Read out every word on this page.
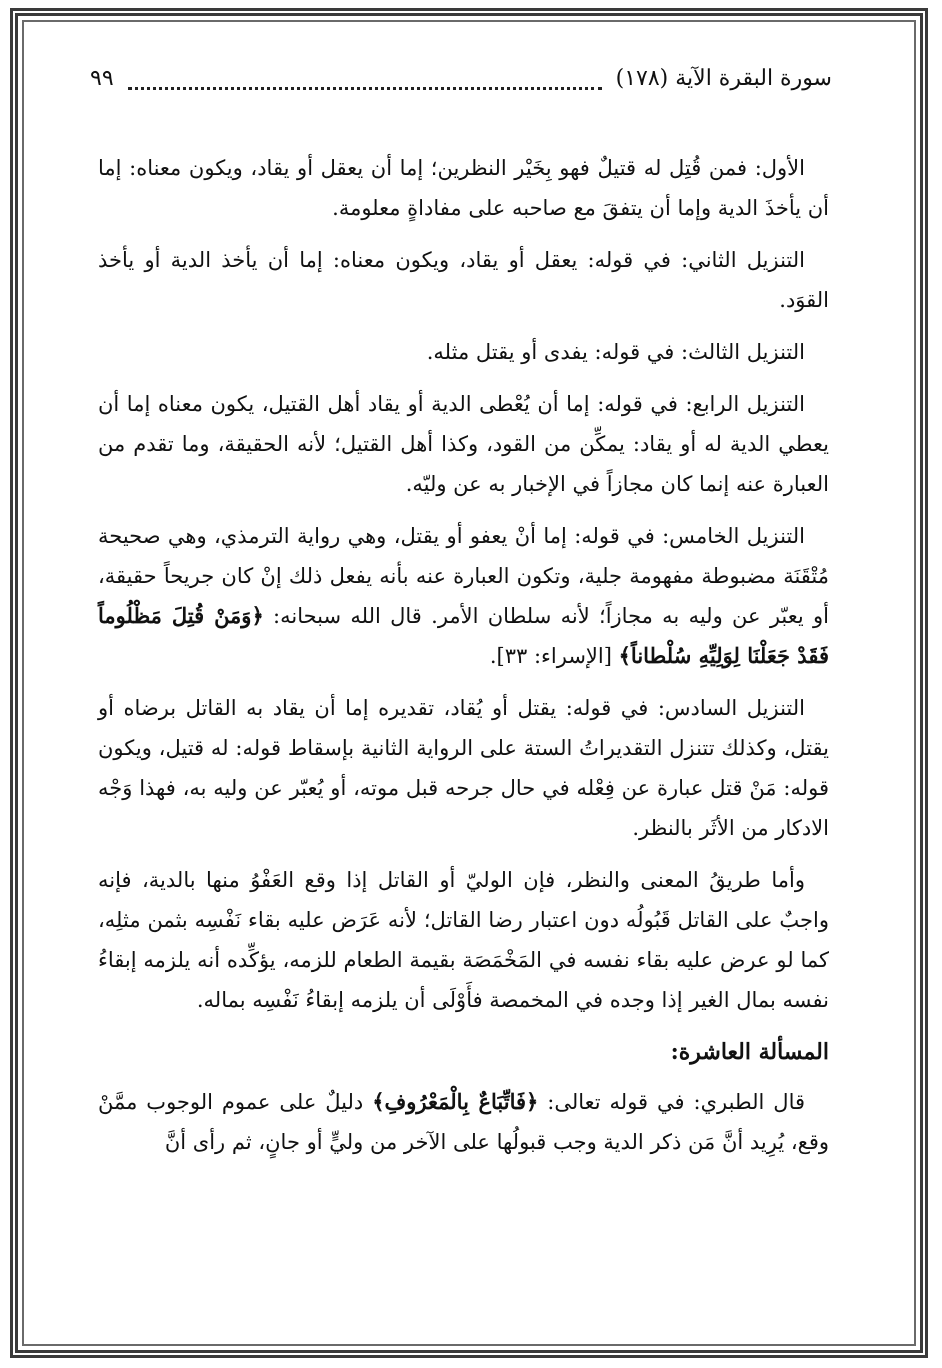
سورة البقرة الآية (١٧٨)
٩٩

الأول: فمن قُتِل له قتيلٌ فهو بِخَيْر النظرين؛ إما أن يعقل أو يقاد، ويكون معناه: إما أن يأخذَ الدية وإما أن يتفقَ مع صاحبه على مفاداةٍ معلومة.

التنزيل الثاني: في قوله: يعقل أو يقاد، ويكون معناه: إما أن يأخذ الدية أو يأخذ القوَد.

التنزيل الثالث: في قوله: يفدى أو يقتل مثله.

التنزيل الرابع: في قوله: إما أن يُعْطى الدية أو يقاد أهل القتيل، يكون معناه إما أن يعطي الدية له أو يقاد: يمكِّن من القود، وكذا أهل القتيل؛ لأنه الحقيقة، وما تقدم من العبارة عنه إنما كان مجازاً في الإخبار به عن وليّه.

التنزيل الخامس: في قوله: إما أنْ يعفو أو يقتل، وهي رواية الترمذي، وهي صحيحة مُتْقَنَة مضبوطة مفهومة جلية، وتكون العبارة عنه بأنه يفعل ذلك إنْ كان جريحاً حقيقة، أو يعبّر عن وليه به مجازاً؛ لأنه سلطان الأمر. قال الله سبحانه: ﴿وَمَنْ قُتِلَ مَظْلُوماً فَقَدْ جَعَلْنَا لِوَلِيِّهِ سُلْطاناً﴾ [الإسراء: ٣٣].

التنزيل السادس: في قوله: يقتل أو يُقاد، تقديره إما أن يقاد به القاتل برضاه أو يقتل، وكذلك تتنزل التقديراتُ الستة على الرواية الثانية بإسقاط قوله: له قتيل، ويكون قوله: مَنْ قتل عبارة عن فِعْله في حال جرحه قبل موته، أو يُعبّر عن وليه به، فهذا وَجْه الادكار من الأثَر بالنظر.

وأما طريقُ المعنى والنظر، فإن الوليّ أو القاتل إذا وقع العَفْوُ منها بالدية، فإنه واجبٌ على القاتل قَبُولُه دون اعتبار رضا القاتل؛ لأنه عَرَض عليه بقاء نَفْسِه بثمن مثلِه، كما لو عرض عليه بقاء نفسه في المَخْمَصَة بقيمة الطعام للزمه، يؤكِّده أنه يلزمه إبقاءُ نفسه بمال الغير إذا وجده في المخمصة فأَوْلَى أن يلزمه إبقاءُ نَفْسِه بماله.

المسألة العاشرة:

قال الطبري: في قوله تعالى: ﴿فَاتِّبَاعٌ بِالْمَعْرُوفِ﴾ دليلٌ على عموم الوجوب ممَّنْ وقع، يُرِيد أنَّ مَن ذكر الدية وجب قبولُها على الآخر من وليٍّ أو جانٍ، ثم رأى أنَّ
